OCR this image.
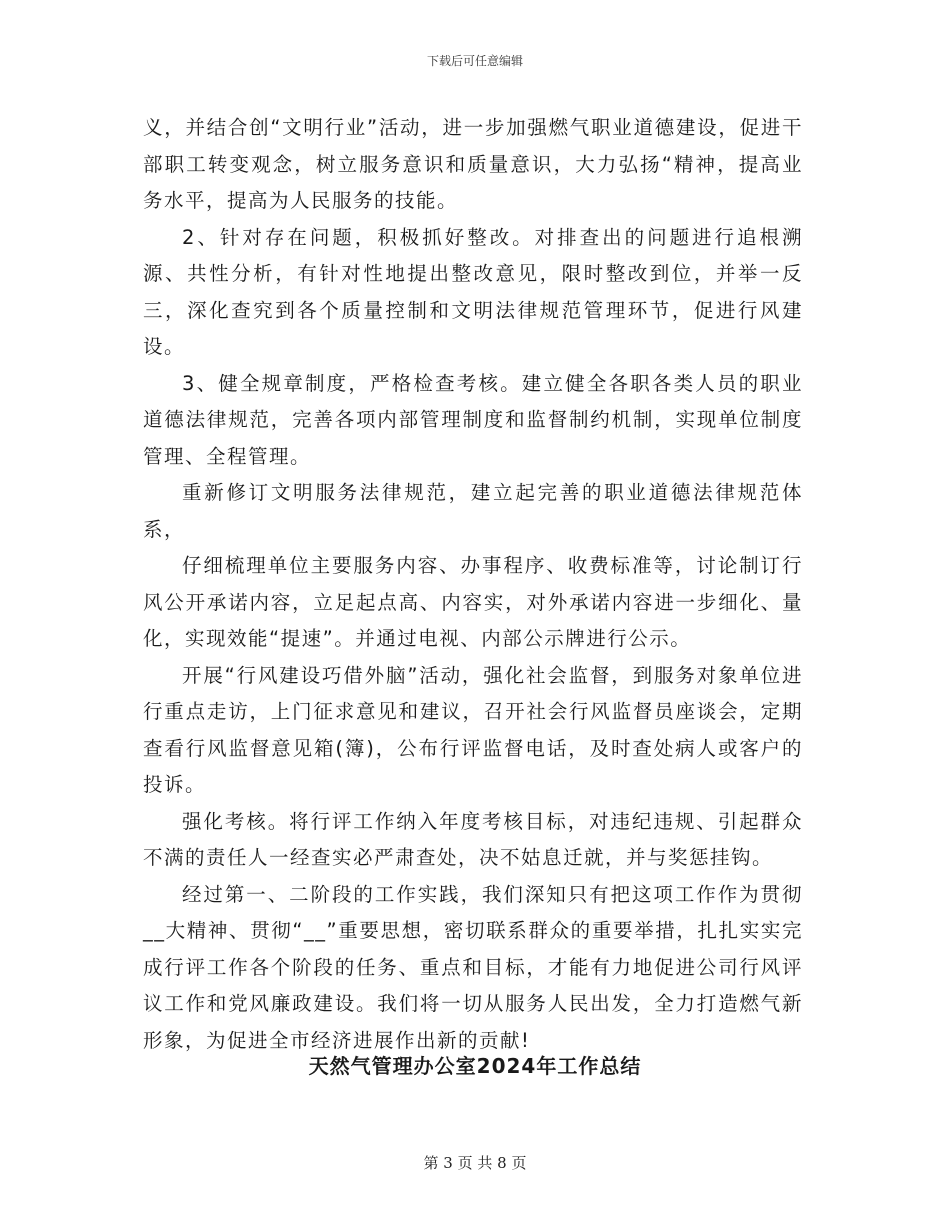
下载后可任意编辑

义，并结合创“文明行业”活动，进一步加强燃气职业道德建设，促进干部职工转变观念，树立服务意识和质量意识，大力弘扬“精神，提高业务水平，提高为人民服务的技能。

2、针对存在问题，积极抓好整改。对排查出的问题进行追根溯源、共性分析，有针对性地提出整改意见，限时整改到位，并举一反三，深化查究到各个质量控制和文明法律规范管理环节，促进行风建设。

3、健全规章制度，严格检查考核。建立健全各职各类人员的职业道德法律规范，完善各项内部管理制度和监督制约机制，实现单位制度管理、全程管理。

重新修订文明服务法律规范，建立起完善的职业道德法律规范体系，

仔细梳理单位主要服务内容、办事程序、收费标准等，讨论制订行风公开承诺内容，立足起点高、内容实，对外承诺内容进一步细化、量化，实现效能“提速”。并通过电视、内部公示牌进行公示。

开展“行风建设巧借外脑”活动，强化社会监督，到服务对象单位进行重点走访，上门征求意见和建议，召开社会行风监督员座谈会，定期查看行风监督意见箱(簿)，公布行评监督电话，及时查处病人或客户的投诉。

强化考核。将行评工作纳入年度考核目标，对违纪违规、引起群众不满的责任人一经查实必严肃查处，决不姑息迁就，并与奖惩挂钩。

经过第一、二阶段的工作实践，我们深知只有把这项工作作为贯彻__大精神、贯彻“__”重要思想，密切联系群众的重要举措，扎扎实实完成行评工作各个阶段的任务、重点和目标，才能有力地促进公司行风评议工作和党风廉政建设。我们将一切从服务人民出发，全力打造燃气新形象，为促进全市经济进展作出新的贡献!

天然气管理办公室2024年工作总结
第 3 页 共 8 页
